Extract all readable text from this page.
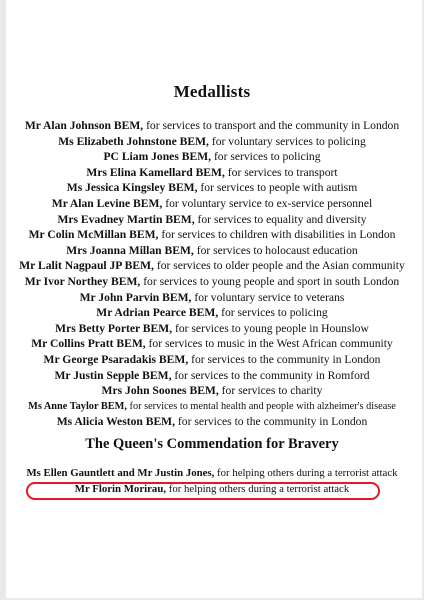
Medallists
Mr Alan Johnson BEM, for services to transport and the community in London
Ms Elizabeth Johnstone BEM, for voluntary services to policing
PC Liam Jones BEM, for services to policing
Mrs Elina Kamellard BEM, for services to transport
Ms Jessica Kingsley BEM, for services to people with autism
Mr Alan Levine BEM, for voluntary service to ex-service personnel
Mrs Evadney Martin BEM, for services to equality and diversity
Mr Colin McMillan BEM, for services to children with disabilities in London
Mrs Joanna Millan BEM, for services to holocaust education
Mr Lalit Nagpaul JP BEM, for services to older people and the Asian community
Mr Ivor Northey BEM, for services to young people and sport in south London
Mr John Parvin BEM, for voluntary service to veterans
Mr Adrian Pearce BEM, for services to policing
Mrs Betty Porter BEM, for services to young people in Hounslow
Mr Collins Pratt BEM, for services to music in the West African community
Mr George Psaradakis BEM, for services to the community in London
Mr Justin Sepple BEM, for services to the community in Romford
Mrs John Soones BEM, for services to charity
Ms Anne Taylor BEM, for services to mental health and people with alzheimer's disease
Ms Alicia Weston BEM, for services to the community in London
The Queen's Commendation for Bravery
Ms Ellen Gauntlett and Mr Justin Jones, for helping others during a terrorist attack
Mr Florin Morirau, for helping others during a terrorist attack
